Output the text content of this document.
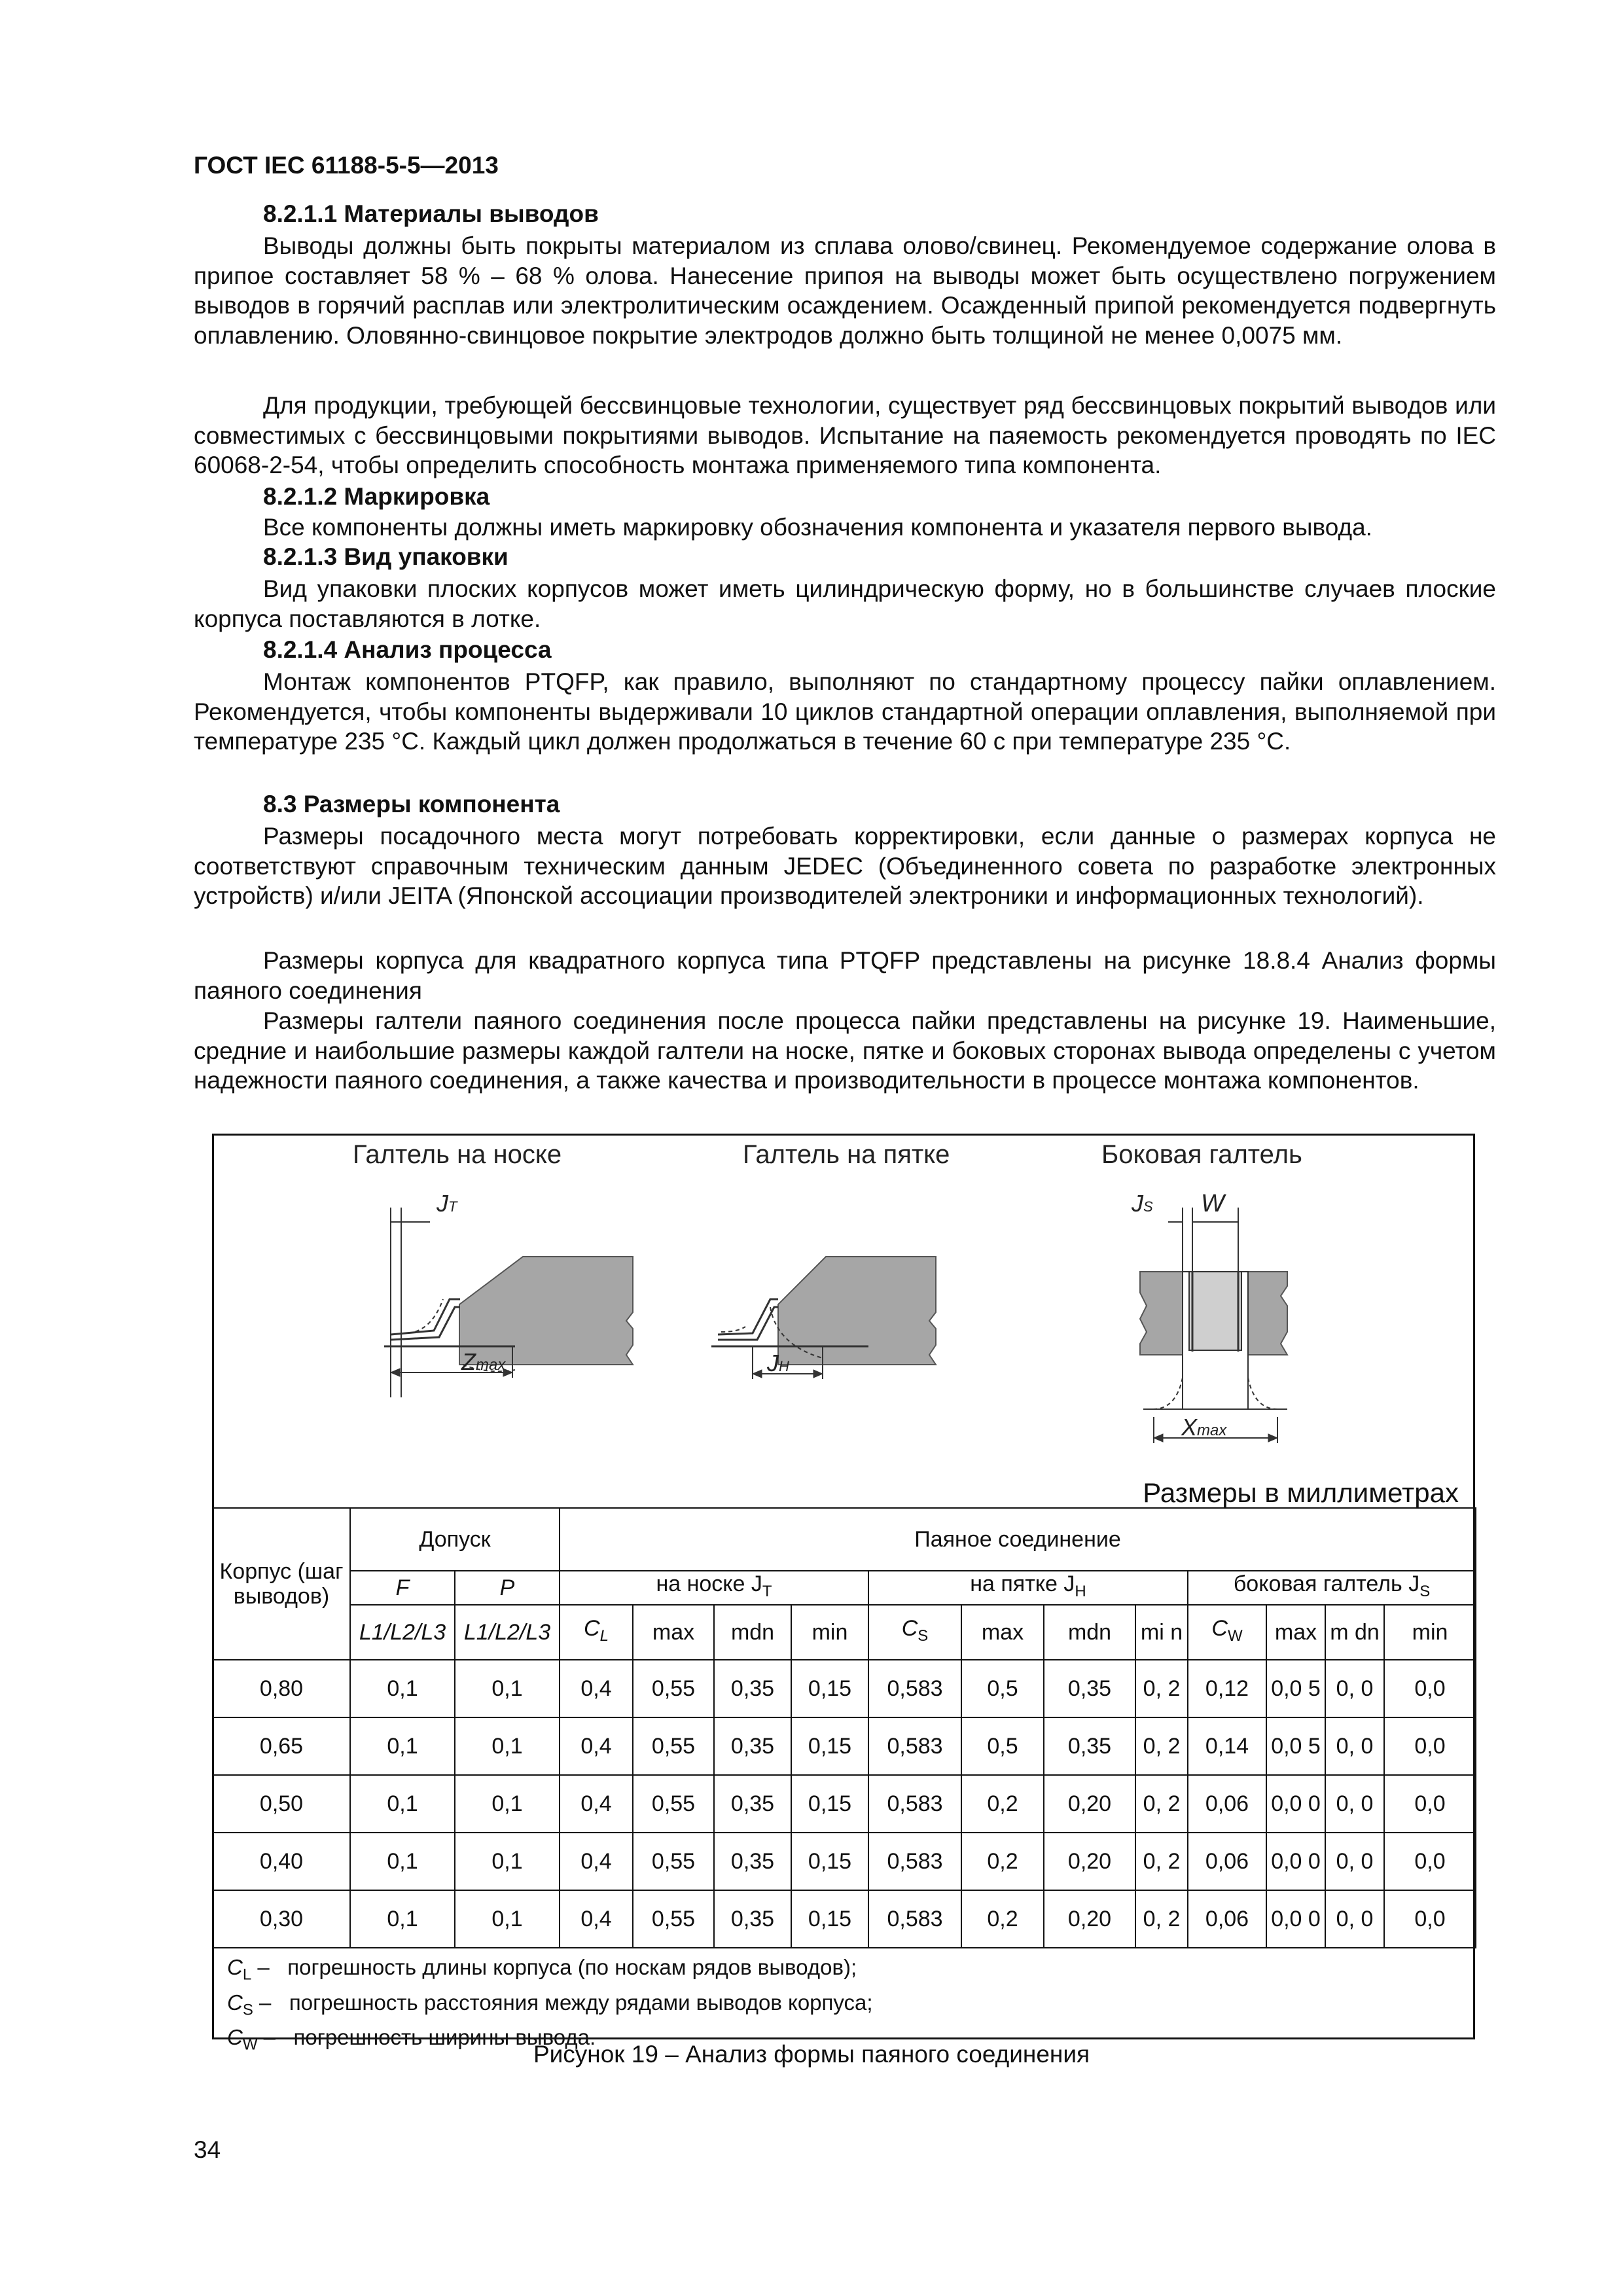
ГОСТ IEC 61188-5-5—2013
8.2.1.1 Материалы выводов
Выводы должны быть покрыты материалом из сплава олово/свинец. Рекомендуемое содержание олова в припое составляет 58 % – 68 % олова. Нанесение припоя на выводы может быть осуществлено погружением выводов в горячий расплав или электролитическим осаждением. Осажденный припой рекомендуется подвергнуть оплавлению. Оловянно-свинцовое покрытие электродов должно быть толщиной не менее 0,0075 мм.
Для продукции, требующей бессвинцовые технологии, существует ряд бессвинцовых покрытий выводов или совместимых с бессвинцовыми покрытиями выводов. Испытание на паяемость рекомендуется проводять по IEC 60068-2-54, чтобы определить способность монтажа применяемого типа компонента.
8.2.1.2 Маркировка
Все компоненты должны иметь маркировку обозначения компонента и указателя первого вывода.
8.2.1.3 Вид упаковки
Вид упаковки плоских корпусов может иметь цилиндрическую форму, но в большинстве случаев плоские корпуса поставляются в лотке.
8.2.1.4 Анализ процесса
Монтаж компонентов PTQFP, как правило, выполняют по стандартному процессу пайки оплавлением. Рекомендуется, чтобы компоненты выдерживали 10 циклов стандартной операции оплавления, выполняемой при температуре 235 °С. Каждый цикл должен продолжаться в течение 60 с при температуре 235 °С.
8.3 Размеры компонента
Размеры посадочного места могут потребовать корректировки, если данные о размерах корпуса не соответствуют справочным техническим данным JEDEC (Объединенного совета по разработке электронных устройств) и/или JEITA (Японской ассоциации производителей электроники и информационных технологий).
Размеры корпуса для квадратного корпуса типа PTQFP представлены на рисунке 18.8.4 Анализ формы паяного соединения
Размеры галтели паяного соединения после процесса пайки представлены на рисунке 19. Наименьшие, средние и наибольшие размеры каждой галтели на носке, пятке и боковых сторонах вывода определены с учетом надежности паяного соединения, а также качества и производительности в процессе монтажа компонентов.
Галтель на носке	Галтель на пятке	Боковая галтель
JT
Zmax	JH
JS W
Xmax
Размеры в миллиметрах
Корпус (шаг выводов)	Допуск		Паяное соединение											
	F	P	на носке $J_T$				на пятке $J_H$				боковая галтель $J_S$
	L1/L2/L3	L1/L2/L3	$C_L$	max	mdn	min	$C_S$	max	mdn	mi n	$C_W$	max	m dn	min
0,80	0,1	0,1	0,4	0,55	0,35	0,15	0,583	0,5	0,35	0, 2	0,12	0,0 5	0, 0	0,0
0,65	0,1	0,1	0,4	0,55	0,35	0,15	0,583	0,5	0,35	0, 2	0,14	0,0 5	0, 0	0,0
0,50	0,1	0,1	0,4	0,55	0,35	0,15	0,583	0,2	0,20	0, 2	0,06	0,0 0	0, 0	0,0
0,40	0,1	0,1	0,4	0,55	0,35	0,15	0,583	0,2	0,20	0, 2	0,06	0,0 0	0, 0	0,0
0,30	0,1	0,1	0,4	0,55	0,35	0,15	0,583	0,2	0,20	0, 2	0,06	0,0 0	0, 0	0,0
$C_L$ –   погрешность длины корпуса (по носкам рядов выводов);
$C_S$ –   погрешность расстояния между рядами выводов корпуса;
$C_W$ –   погрешность ширины вывода.
Рисунок 19 – Анализ формы паяного соединения
34
